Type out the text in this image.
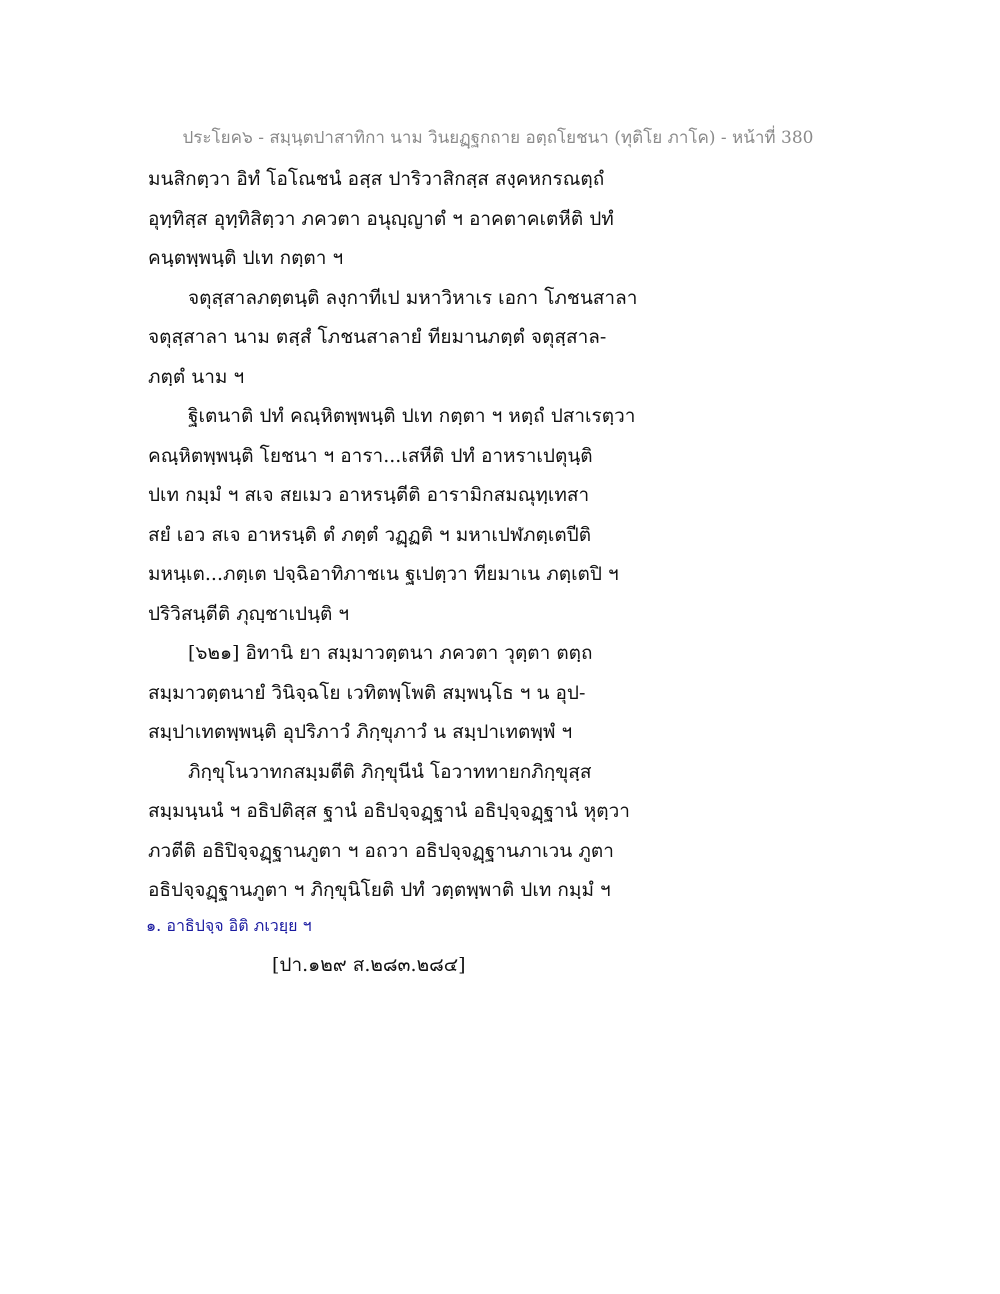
ประโยค๖ - สมฺนฺตปาสาทิกา นาม วินยฏฺฐกถาย อตฺถโยชนา (ทุติโย ภาโค) - หน้าที่ 380
มนสิกตฺวา อิทํ โอโณชนํ อสฺส ปาริวาสิกสฺส สงฺคหกรณตฺถํ
อุทฺทิสฺส อุทฺทิสิตฺวา ภควตา อนุญฺญาตํ ฯ อาคตาคเตหีติ ปทํ
คนฺตพฺพนฺติ ปเท กตฺตา ฯ
จตุสฺสาลภตฺตนฺติ ลงฺกาทีเป มหาวิหาเร เอกา โภชนสาลา
จตุสฺสาลา นาม ตสฺสํ โภชนสาลายํ ทียมานภตฺตํ จตุสฺสาล-
ภตฺตํ นาม ฯ
ฐิเตนาติ ปทํ คณฺหิตพฺพนฺติ ปเท กตฺตา ฯ หตฺถํ ปสาเรตฺวา
คณฺหิตพฺพนฺติ โยชนา ฯ อารา...เสหีติ ปทํ อาหราเปตุนฺติ
ปเท กมฺมํ ฯ สเจ สยเมว อาหรนฺตีติ อารามิกสมณุทฺเทสา
สยํ เอว สเจ อาหรนฺติ ตํ ภตฺตํ วฏฺฏติ ฯ มหาเปฬภตฺเตปีติ
มหนฺเต...ภตฺเต ปจฺฉิอาทิภาชเน ฐเปตฺวา ทียมาเน ภตฺเตปิ ฯ
ปริวิสนฺตีติ ภุญฺชาเปนฺติ ฯ
[๖๒๑] อิทานิ ยา สมฺมาวตฺตนา ภควตา วุตฺตา ตตฺถ
สมฺมาวตฺตนายํ วินิจฺฉโย เวทิตพฺโพติ สมฺพนฺโธ ฯ น อุป-
สมฺปาเทตพฺพนฺติ อุปริภาวํ ภิกฺขุภาวํ น สมฺปาเทตพฺพํ ฯ
ภิกฺขุโนวาทกสมฺมตีติ ภิกฺขุนีนํ โอวาททายกภิกฺขุสฺส
สมฺมนฺนนํ ฯ อธิปติสฺส ฐานํ อธิปจฺจฏฺฐานํ อธิปฺจฺจฏฺฐานํ หุตฺวา
ภวตีติ อธิปิจฺจฏฺฐานภูตา ฯ อถวา อธิปจฺจฏฺฐานภาเวน ภูตา
อธิปจฺจฏฺฐานภูตา ฯ ภิกฺขุนิโยติ ปทํ วตฺตพฺพาติ ปเท กมฺมํ ฯ
๑. อาธิปจฺจ อิติ ภเวยฺย ฯ
[ปา.๑๒๙ ส.๒๘๓.๒๘๔]
